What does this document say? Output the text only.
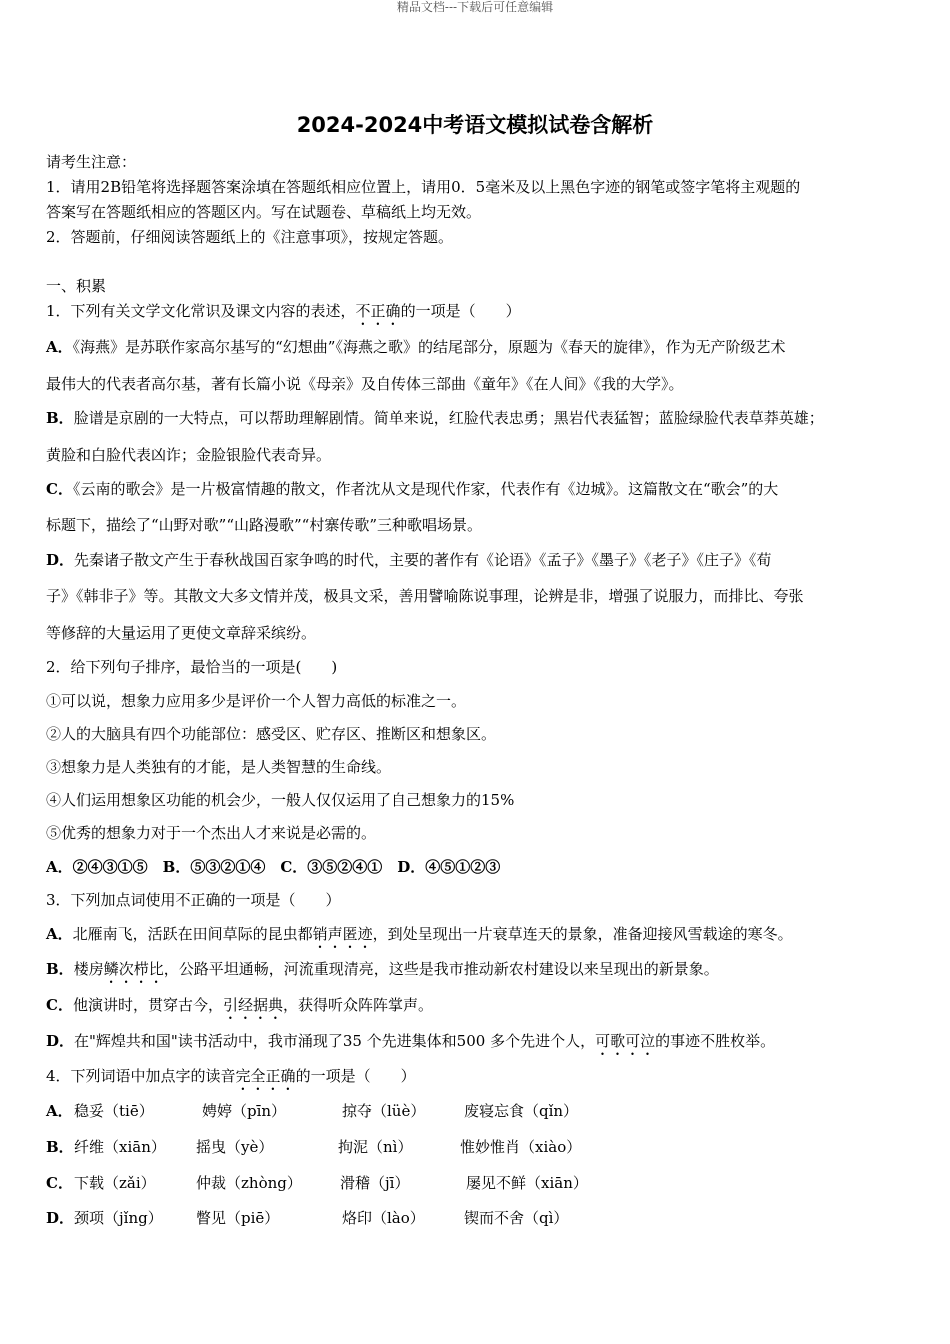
精品文档---下载后可任意编辑
2024-2024中考语文模拟试卷含解析
请考生注意：
1．请用2B铅笔将选择题答案涂填在答题纸相应位置上，请用0．5毫米及以上黑色字迹的钢笔或签字笔将主观题的
答案写在答题纸相应的答题区内。写在试题卷、草稿纸上均无效。
2．答题前，仔细阅读答题纸上的《注意事项》，按规定答题。
一、积累
1．下列有关文学文化常识及课文内容的表述，不正确的一项是（　　）
A．《海燕》是苏联作家高尔基写的“幻想曲”《海燕之歌》的结尾部分，原题为《春天的旋律》，作为无产阶级艺术
最伟大的代表者高尔基，著有长篇小说《母亲》及自传体三部曲《童年》《在人间》《我的大学》。
B．脸谱是京剧的一大特点，可以帮助理解剧情。简单来说，红脸代表忠勇；黑岩代表猛智；蓝脸绿脸代表草莽英雄；
黄脸和白脸代表凶诈；金脸银脸代表奇异。
C．《云南的歌会》是一片极富情趣的散文，作者沈从文是现代作家，代表作有《边城》。这篇散文在“歌会”的大
标题下，描绘了“山野对歌”“山路漫歌”“村寨传歌”三种歌唱场景。
D．先秦诸子散文产生于春秋战国百家争鸣的时代，主要的著作有《论语》《孟子》《墨子》《老子》《庄子》《荀
子》《韩非子》等。其散文大多文情并茂，极具文采，善用譬喻陈说事理，论辨是非，增强了说服力，而排比、夸张
等修辞的大量运用了更使文章辞采缤纷。
2．给下列句子排序，最恰当的一项是(　　)
①可以说，想象力应用多少是评价一个人智力高低的标准之一。
②人的大脑具有四个功能部位：感受区、贮存区、推断区和想象区。
③想象力是人类独有的才能，是人类智慧的生命线。
④人们运用想象区功能的机会少，一般人仅仅运用了自己想象力的15%
⑤优秀的想象力对于一个杰出人才来说是必需的。
A．②④③①⑤　B．⑤③②①④　C．③⑤②④①　D．④⑤①②③
3．下列加点词使用不正确的一项是（　　）
A．北雁南飞，活跃在田间草际的昆虫都销声匿迹，到处呈现出一片衰草连天的景象，准备迎接风雪载途的寒冬。
B．楼房鳞次栉比，公路平坦通畅，河流重现清亮，这些是我市推动新农村建设以来呈现出的新景象。
C．他演讲时，贯穿古今，引经据典，获得听众阵阵掌声。
D．在"辉煌共和国"读书活动中，我市涌现了35 个先进集体和500 多个先进个人，可歌可泣的事迹不胜枚举。
4．下列词语中加点字的读音完全正确的一项是（　　）
A． 稳妥（tiē）	娉婷（pīn）	掠夺（lüè）	废寝忘食（qǐn）
B． 纤维（xiān） 摇曳（yè）	拘泥（nì）	惟妙惟肖（xiào）
C． 下载（zǎi）	仲裁（zhòng）	滑稽（jī）	屡见不鲜（xiān）
D． 颈项（jǐng） 瞥见（piē）	烙印（lào）	锲而不舍（qì）
